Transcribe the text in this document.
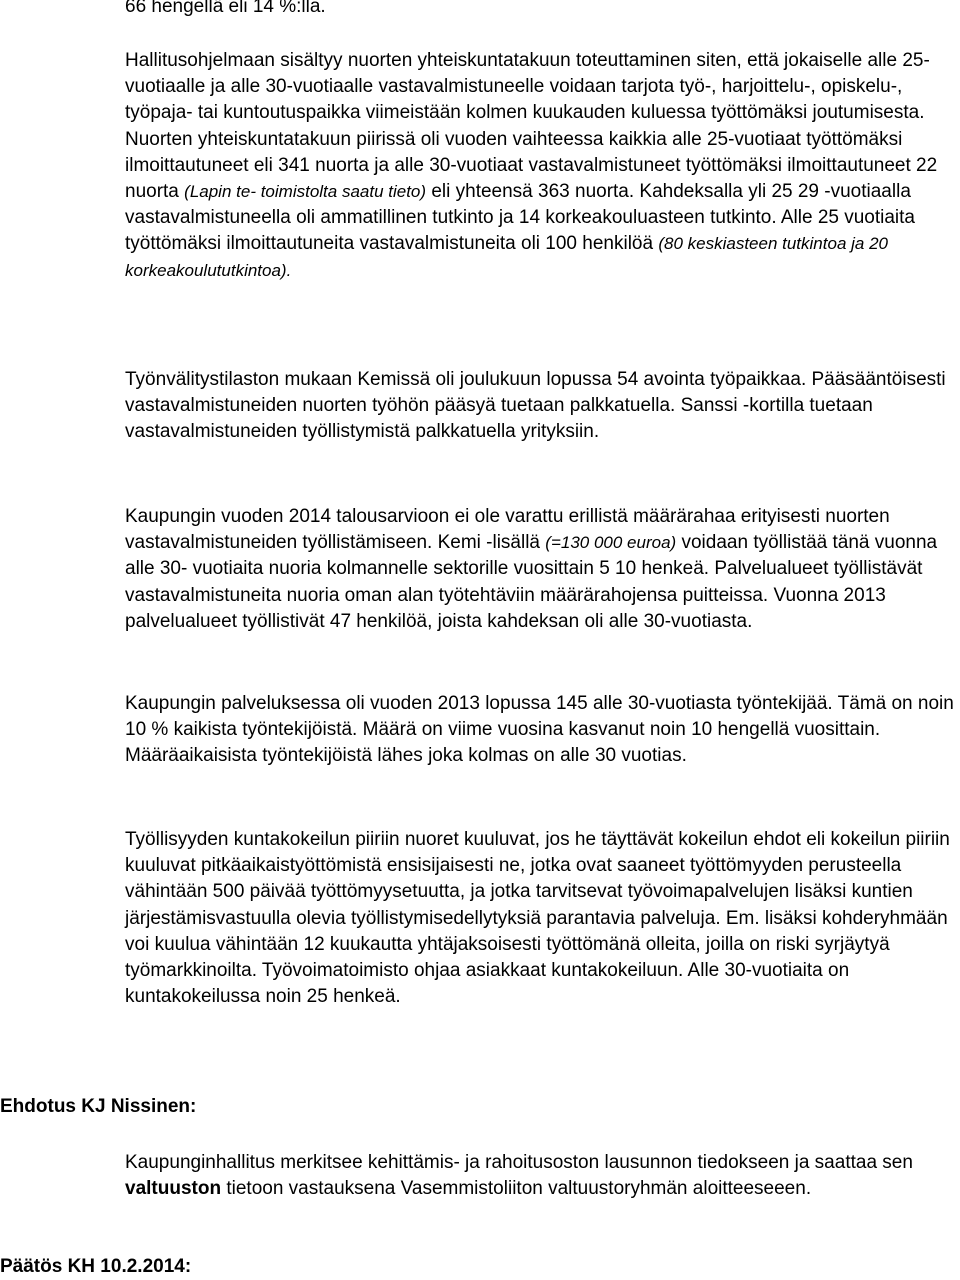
66 hengellä eli 14 %:lla.

Hallitusohjelmaan sisältyy nuorten yhteiskuntatakuun toteuttaminen siten, että jokaiselle alle 25-vuotiaalle ja alle 30-vuotiaalle vastavalmistuneelle voidaan tarjota työ-, harjoittelu-, opiskelu-, työpaja- tai kuntoutuspaikka viimeistään kolmen kuukauden kuluessa työttömäksi joutumisesta. Nuorten yhteiskuntatakuun piirissä oli vuoden vaihteessa kaikkia alle 25-vuotiaat työttömäksi ilmoittautuneet eli 341 nuorta ja alle 30-vuotiaat vastavalmistuneet työttömäksi ilmoittautuneet 22 nuorta (Lapin te- toimistolta saatu tieto) eli yhteensä 363 nuorta. Kahdeksalla yli 25 29 -vuotiaalla vastavalmistuneella oli ammatillinen tutkinto ja 14 korkeakouluasteen tutkinto. Alle 25 vuotiaita työttömäksi ilmoittautuneita vastavalmistuneita oli 100 henkilöä (80 keskiasteen tutkintoa ja 20 korkeakoulututkintoa).

Työnvälitystilaston mukaan Kemissä oli joulukuun lopussa 54 avointa työpaikkaa. Pääsääntöisesti vastavalmistuneiden nuorten työhön pääsyä tuetaan palkkatuella. Sanssi -kortilla tuetaan vastavalmistuneiden työllistymistä palkkatuella yrityksiin.

Kaupungin vuoden 2014 talousarvioon ei ole varattu erillistä määrärahaa erityisesti nuorten vastavalmistuneiden työllistämiseen. Kemi -lisällä (=130 000 euroa) voidaan työllistää tänä vuonna alle 30- vuotiaita nuoria kolmannelle sektorille vuosittain 5 10 henkeä. Palvelualueet työllistävät vastavalmistuneita nuoria oman alan työtehtäviin määrärahojensa puitteissa. Vuonna 2013 palvelualueet työllistivät 47 henkilöä, joista kahdeksan oli alle 30-vuotiasta.

Kaupungin palveluksessa oli vuoden 2013 lopussa 145 alle 30-vuotiasta työntekijää. Tämä on noin 10 % kaikista työntekijöistä. Määrä on viime vuosina kasvanut noin 10 hengellä vuosittain. Määräaikaisista työntekijöistä lähes joka kolmas on alle 30 vuotias.

Työllisyyden kuntakokeilun piiriin nuoret kuuluvat, jos he täyttävät kokeilun ehdot eli kokeilun piiriin kuuluvat pitkäaikaistyöttömistä ensisijaisesti ne, jotka ovat saaneet työttömyyden perusteella vähintään 500 päivää työttömyysetuutta, ja jotka tarvitsevat työvoimapalvelujen lisäksi kuntien järjestämisvastuulla olevia työllistymisedellytyksiä parantavia palveluja. Em. lisäksi kohderyhmään voi kuulua vähintään 12 kuukautta yhtäjaksoisesti työttömänä olleita, joilla on riski syrjäytyä työmarkkinoilta. Työvoimatoimisto ohjaa asiakkaat kuntakokeiluun. Alle 30-vuotiaita on kuntakokeilussa noin 25 henkeä.

Ehdotus KJ Nissinen:

Kaupunginhallitus merkitsee kehittämis- ja rahoitusoston lausunnon tiedokseen ja saattaa sen valtuuston tietoon vastauksena Vasemmistoliiton valtuustoryhmän aloitteeseeen.

Päätös KH 10.2.2014:
